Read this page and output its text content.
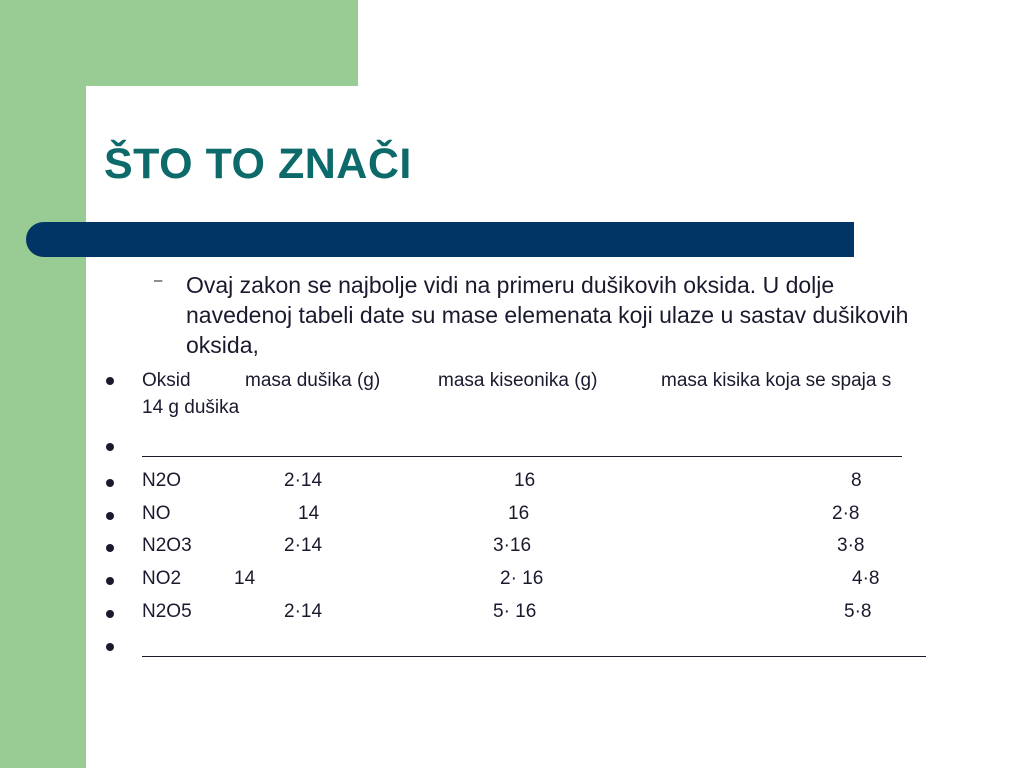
ŠTO TO ZNAČI
– Ovaj zakon se najbolje vidi na primeru dušikovih oksida. U dolje navedenoj tabeli date su mase elemenata koji ulaze u sastav dušikovih oksida,
Oksid	masa dušika (g)	masa kiseonika (g)	masa kisika koja se spaja s
14 g dušika
N2O	2·14	16	8
NO	14	16	2·8
N2O3	2·14	3·16	3·8
NO2	14	2· 16	4·8
N2O5	2·14	5· 16	5·8
